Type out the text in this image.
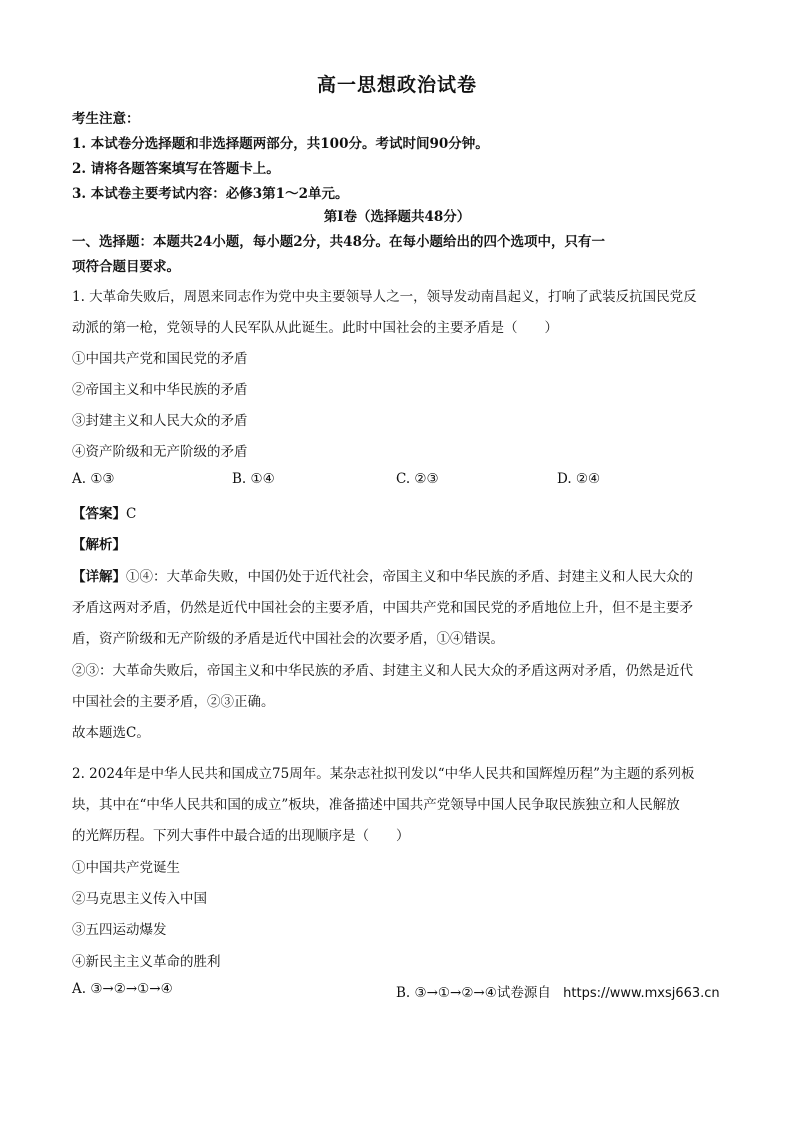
高一思想政治试卷
考生注意：
1. 本试卷分选择题和非选择题两部分，共100分。考试时间90分钟。
2. 请将各题答案填写在答题卡上。
3. 本试卷主要考试内容：必修3第1～2单元。
第Ⅰ卷（选择题共48分）
一、选择题：本题共24小题，每小题2分，共48分。在每小题给出的四个选项中，只有一
项符合题目要求。
1. 大革命失败后，周恩来同志作为党中央主要领导人之一，领导发动南昌起义，打响了武装反抗国民党反
动派的第一枪，党领导的人民军队从此诞生。此时中国社会的主要矛盾是（　　）
①中国共产党和国民党的矛盾
②帝国主义和中华民族的矛盾
③封建主义和人民大众的矛盾
④资产阶级和无产阶级的矛盾
A. ①③	B. ①④	C. ②③	D. ②④
【答案】C
【解析】
【详解】①④：大革命失败，中国仍处于近代社会，帝国主义和中华民族的矛盾、封建主义和人民大众的
矛盾这两对矛盾，仍然是近代中国社会的主要矛盾，中国共产党和国民党的矛盾地位上升，但不是主要矛
盾，资产阶级和无产阶级的矛盾是近代中国社会的次要矛盾，①④错误。
②③：大革命失败后，帝国主义和中华民族的矛盾、封建主义和人民大众的矛盾这两对矛盾，仍然是近代
中国社会的主要矛盾，②③正确。
故本题选C。
2. 2024年是中华人民共和国成立75周年。某杂志社拟刊发以“中华人民共和国辉煌历程”为主题的系列板
块，其中在“中华人民共和国的成立”板块，准备描述中国共产党领导中国人民争取民族独立和人民解放
的光辉历程。下列大事件中最合适的出现顺序是（　　）
①中国共产党诞生
②马克思主义传入中国
③五四运动爆发
④新民主主义革命的胜利
A. ③→②→①→④	B. ③→①→②→④试卷源自 https://www.mxsj663.cn
